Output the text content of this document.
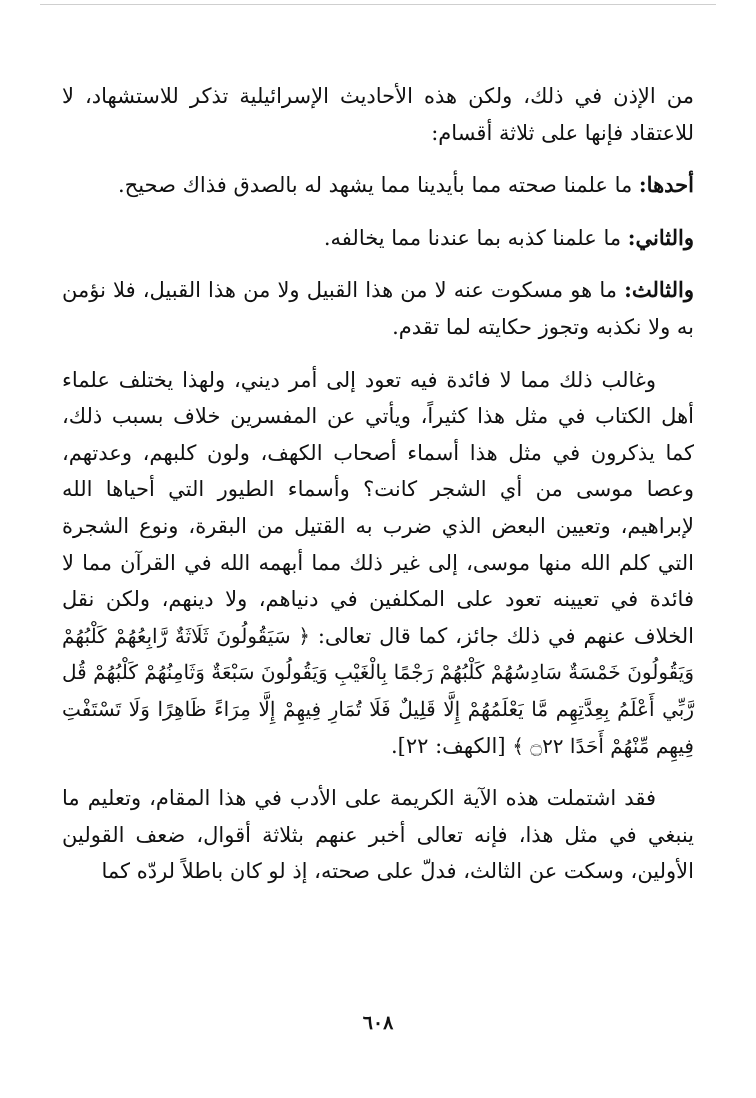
من الإذن في ذلك، ولكن هذه الأحاديث الإسرائيلية تذكر للاستشهاد، لا للاعتقاد فإنها على ثلاثة أقسام:

أحدها: ما علمنا صحته مما بأيدينا مما يشهد له بالصدق فذاك صحيح.

والثاني: ما علمنا كذبه بما عندنا مما يخالفه.

والثالث: ما هو مسكوت عنه لا من هذا القبيل ولا من هذا القبيل، فلا نؤمن به ولا نكذبه وتجوز حكايته لما تقدم.

وغالب ذلك مما لا فائدة فيه تعود إلى أمر ديني، ولهذا يختلف علماء أهل الكتاب في مثل هذا كثيراً، ويأتي عن المفسرين خلاف بسبب ذلك، كما يذكرون في مثل هذا أسماء أصحاب الكهف، ولون كلبهم، وعدتهم، وعصا موسى من أي الشجر كانت؟ وأسماء الطيور التي أحياها الله لإبراهيم، وتعيين البعض الذي ضرب به القتيل من البقرة، ونوع الشجرة التي كلم الله منها موسى، إلى غير ذلك مما أبهمه الله في القرآن مما لا فائدة في تعيينه تعود على المكلفين في دنياهم، ولا دينهم، ولكن نقل الخلاف عنهم في ذلك جائز، كما قال تعالى: ﴿ سَيَقُولُونَ ثَلَاثَةٌ رَّابِعُهُمْ كَلْبُهُمْ وَيَقُولُونَ خَمْسَةٌ سَادِسُهُمْ كَلْبُهُمْ رَجْمًا بِالْغَيْبِ وَيَقُولُونَ سَبْعَةٌ وَثَامِنُهُمْ كَلْبُهُمْ قُل رَّبِّي أَعْلَمُ بِعِدَّتِهِم مَّا يَعْلَمُهُمْ إِلَّا قَلِيلٌ فَلَا تُمَارِ فِيهِمْ إِلَّا مِرَاءً ظَاهِرًا وَلَا تَسْتَفْتِ فِيهِم مِّنْهُمْ أَحَدًا ۝٢٢ ﴾ [الكهف: ٢٢].

فقد اشتملت هذه الآية الكريمة على الأدب في هذا المقام، وتعليم ما ينبغي في مثل هذا، فإنه تعالى أخبر عنهم بثلاثة أقوال، ضعف القولين الأولين، وسكت عن الثالث، فدلّ على صحته، إذ لو كان باطلاً لردّه كما

٦٠٨
